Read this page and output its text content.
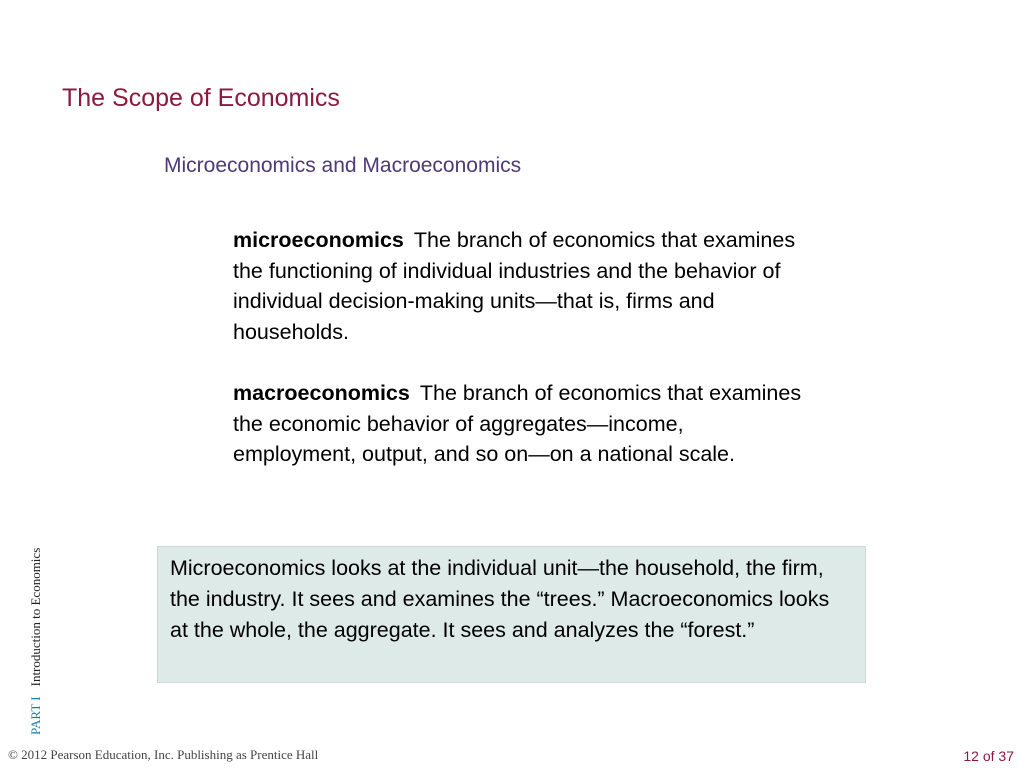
The Scope of Economics
Microeconomics and Macroeconomics

microeconomics The branch of economics that examines the functioning of individual industries and the behavior of individual decision-making units—that is, firms and households.

macroeconomics The branch of economics that examines the economic behavior of aggregates—income, employment, output, and so on—on a national scale.

Microeconomics looks at the individual unit—the household, the firm, the industry. It sees and examines the “trees.” Macroeconomics looks at the whole, the aggregate. It sees and analyzes the “forest.”
PART IIntroduction to Economics
© 2012 Pearson Education, Inc. Publishing as Prentice Hall	12 of 37
